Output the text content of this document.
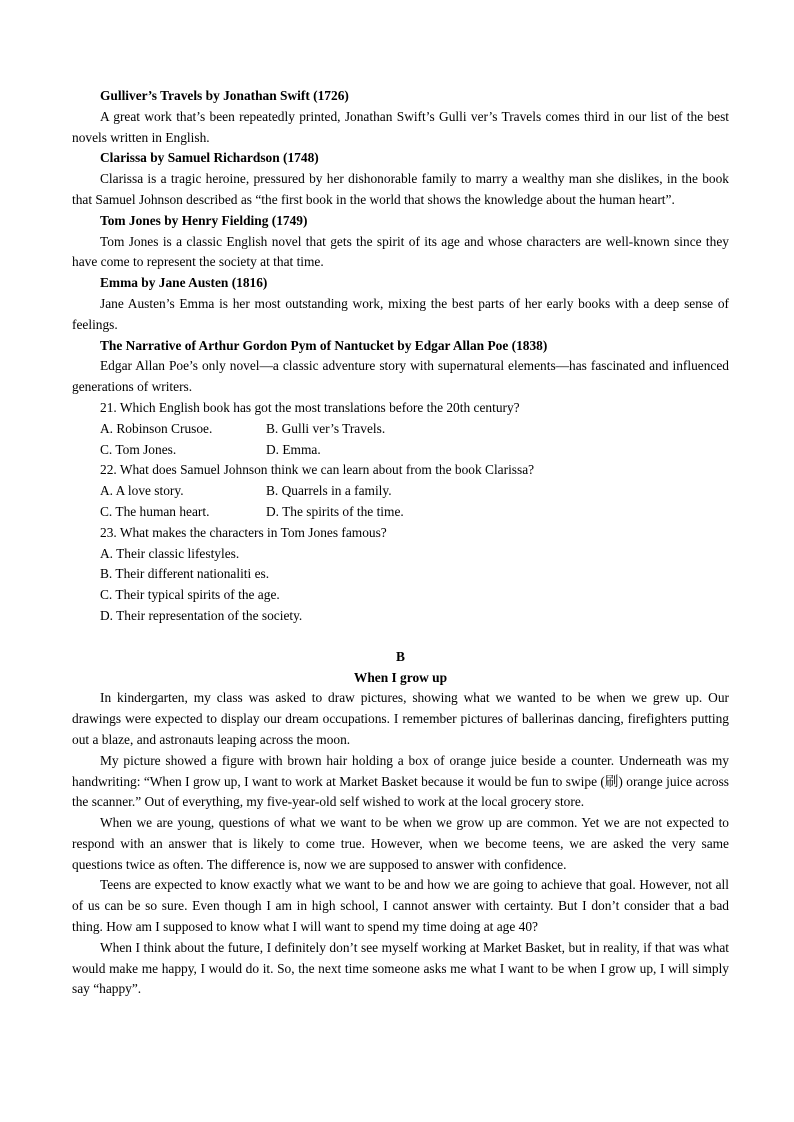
Gulliver’s Travels by Jonathan Swift (1726)
A great work that’s been repeatedly printed, Jonathan Swift’s Gulli ver’s Travels comes third in our list of the best novels written in English.
Clarissa by Samuel Richardson (1748)
Clarissa is a tragic heroine, pressured by her dishonorable family to marry a wealthy man she dislikes, in the book that Samuel Johnson described as “the first book in the world that shows the knowledge about the human heart”.
Tom Jones by Henry Fielding (1749)
Tom Jones is a classic English novel that gets the spirit of its age and whose characters are well-known since they have come to represent the society at that time.
Emma by Jane Austen (1816)
Jane Austen’s Emma is her most outstanding work, mixing the best parts of her early books with a deep sense of feelings.
The Narrative of Arthur Gordon Pym of Nantucket by Edgar Allan Poe (1838)
Edgar Allan Poe’s only novel—a classic adventure story with supernatural elements—has fascinated and influenced generations of writers.
21. Which English book has got the most translations before the 20th century?
A. Robinson Crusoe.	B. Gulli ver’s Travels.
C. Tom Jones.	D. Emma.
22. What does Samuel Johnson think we can learn about from the book Clarissa?
A. A love story.	B. Quarrels in a family.
C. The human heart.	D. The spirits of the time.
23. What makes the characters in Tom Jones famous?
A. Their classic lifestyles.
B. Their different nationaliti es.
C. Their typical spirits of the age.
D. Their representation of the society.
B
When I grow up
In kindergarten, my class was asked to draw pictures, showing what we wanted to be when we grew up. Our drawings were expected to display our dream occupations. I remember pictures of ballerinas dancing, firefighters putting out a blaze, and astronauts leaping across the moon.
My picture showed a figure with brown hair holding a box of orange juice beside a counter. Underneath was my handwriting: “When I grow up, I want to work at Market Basket because it would be fun to swipe (刷) orange juice across the scanner.” Out of everything, my five-year-old self wished to work at the local grocery store.
When we are young, questions of what we want to be when we grow up are common. Yet we are not expected to respond with an answer that is likely to come true. However, when we become teens, we are asked the very same questions twice as often. The difference is, now we are supposed to answer with confidence.
Teens are expected to know exactly what we want to be and how we are going to achieve that goal. However, not all of us can be so sure. Even though I am in high school, I cannot answer with certainty. But I don’t consider that a bad thing. How am I supposed to know what I will want to spend my time doing at age 40?
When I think about the future, I definitely don’t see myself working at Market Basket, but in reality, if that was what would make me happy, I would do it. So, the next time someone asks me what I want to be when I grow up, I will simply say “happy”.
